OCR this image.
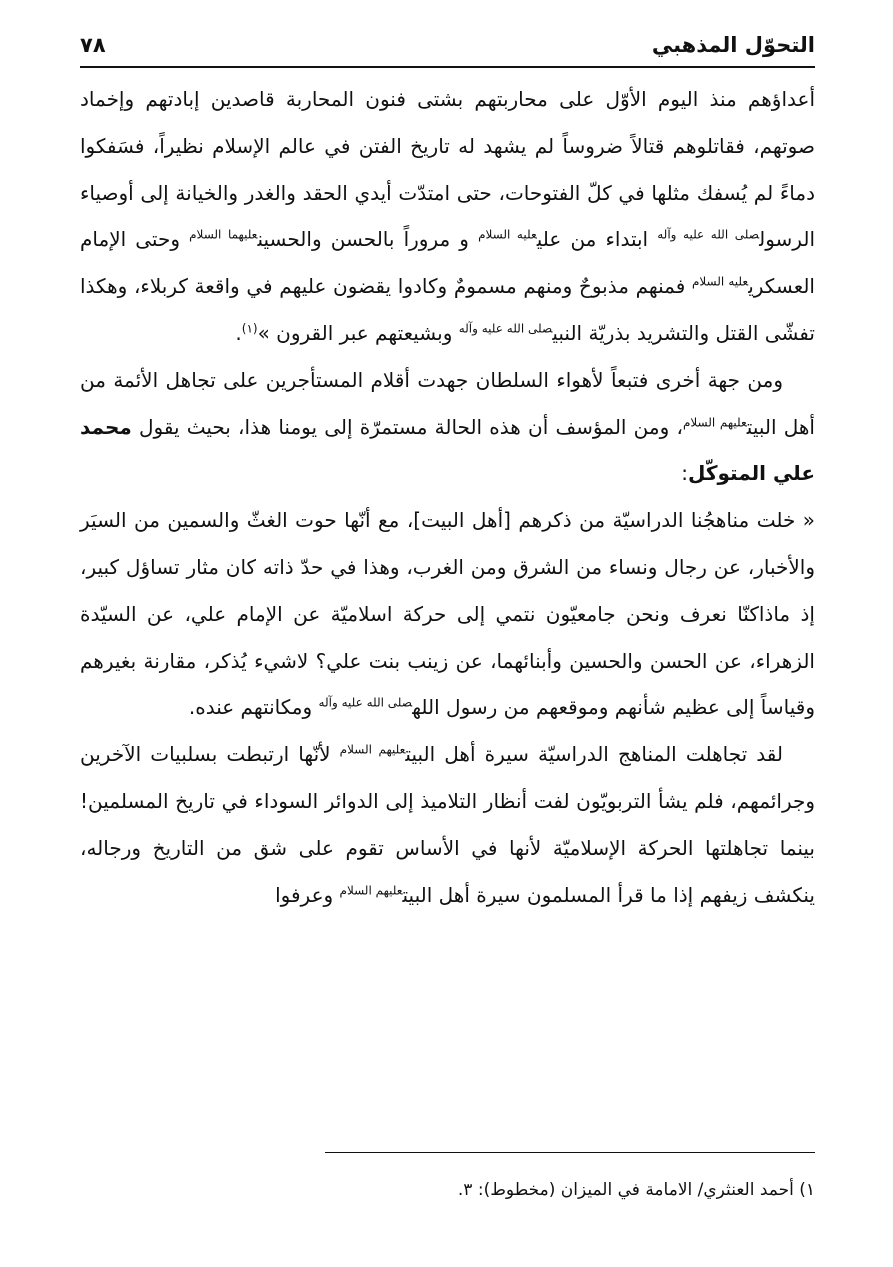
٧٨	التحوّل المذهبي

أعداؤهم منذ اليوم الأوّل على محاربتهم بشتى فنون المحاربة قاصدين إبادتهم وإخماد صوتهم، فقاتلوهم قتالاً ضروساً لم يشهد له تاريخ الفتن في عالم الإسلام نظيراً، فسَفكوا دماءً لم يُسفك مثلها في كلّ الفتوحات، حتى امتدّت أيدي الحقد والغدر والخيانة إلى أوصياء الرسول$^{صلى الله عليه وآله}$ ابتداء من علي$^{عليه السلام}$ و مروراً بالحسن والحسين$^{عليهما السلام}$ وحتى الإمام العسكري$^{عليه السلام}$ فمنهم مذبوحٌ ومنهم مسمومٌ وكادوا يقضون عليهم في واقعة كربلاء، وهكذا تفشّى القتل والتشريد بذريّة النبي$^{صلى الله عليه وآله}$ وبشيعتهم عبر القرون »$^{(١)}$.

ومن جهة أخرى فتبعاً لأهواء السلطان جهدت أقلام المستأجرين على تجاهل الأئمة من أهل البيت$^{عليهم السلام}$، ومن المؤسف أن هذه الحالة مستمرّة إلى يومنا هذا، بحيث يقول محمد علي المتوكّل:

« خلت مناهجُنا الدراسيّة من ذكرهم [أهل البيت]، مع أنّها حوت الغثّ والسمين من السيَر والأخبار، عن رجال ونساء من الشرق ومن الغرب، وهذا في حدّ ذاته كان مثار تساؤل كبير، إذ ماذاكنّا نعرف ونحن جامعيّون نتمي إلى حركة اسلاميّة عن الإمام علي، عن السيّدة الزهراء، عن الحسن والحسين وأبنائهما، عن زينب بنت علي؟ لاشيء يُذكر، مقارنة بغيرهم وقياساً إلى عظيم شأنهم وموقعهم من رسول الله$^{صلى الله عليه وآله}$ ومكانتهم عنده.

لقد تجاهلت المناهج الدراسيّة سيرة أهل البيت$^{عليهم السلام}$ لأنّها ارتبطت بسلبيات الآخرين وجرائمهم، فلم يشأ التربويّون لفت أنظار التلاميذ إلى الدوائر السوداء في تاريخ المسلمين! بينما تجاهلتها الحركة الإسلاميّة لأنها في الأساس تقوم على شق من التاريخ ورجاله، ينكشف زيفهم إذا ما قرأ المسلمون سيرة أهل البيت$^{عليهم السلام}$ وعرفوا

١) أحمد العنثري/ الامامة في الميزان (مخطوط): ٣.
